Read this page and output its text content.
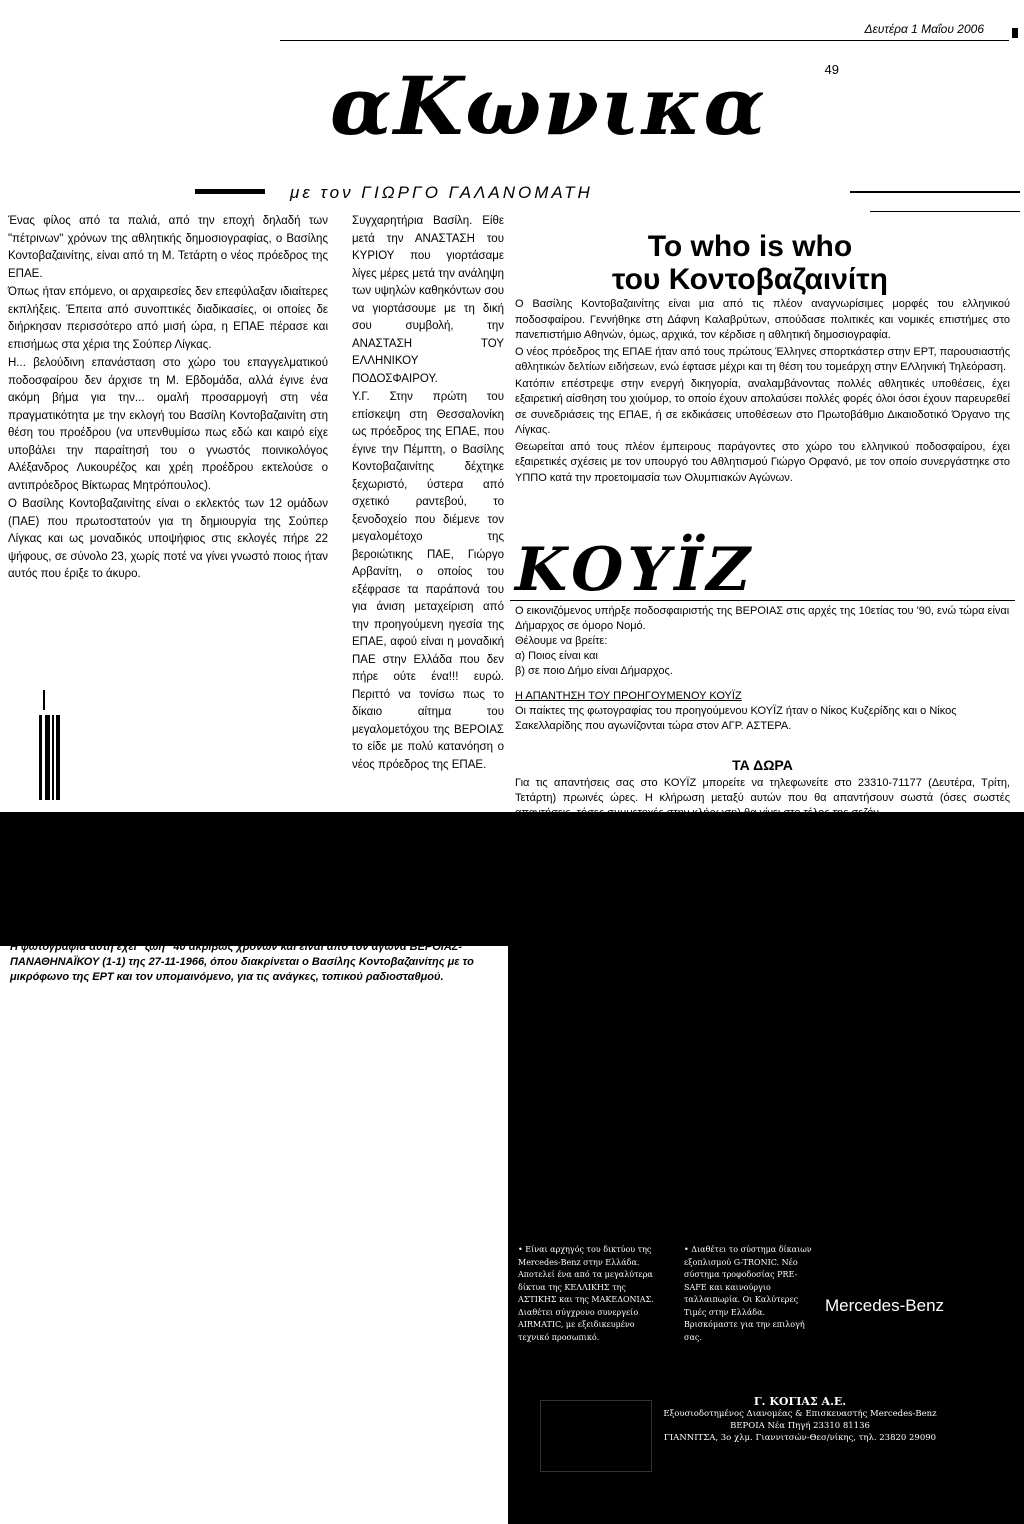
Δευτέρα 1 Μαΐου 2006
49
αΚωνικα
με τον ΓΙΩΡΓΟ ΓΑΛΑΝΟΜΑΤΗ

Ένας φίλος από τα παλιά, από την εποχή δηλαδή των "πέτρινων" χρόνων της αθλητικής δημοσιογραφίας, ο Βασίλης Κοντοβαζαινίτης, είναι από τη Μ. Τετάρτη ο νέος πρόεδρος της ΕΠΑΕ.

Όπως ήταν επόμενο, οι αρχαιρεσίες δεν επεφύλαξαν ιδιαίτερες εκπλήξεις. Έπειτα από συνοπτικές διαδικασίες, οι οποίες δε διήρκησαν περισσότερο από μισή ώρα, η ΕΠΑΕ πέρασε και επισήμως στα χέρια της Σούπερ Λίγκας.

Η... βελούδινη επανάσταση στο χώρο του επαγγελματικού ποδοσφαίρου δεν άρχισε τη Μ. Εβδομάδα, αλλά έγινε ένα ακόμη βήμα για την... ομαλή προσαρμογή στη νέα πραγματικότητα με την εκλογή του Βασίλη Κοντοβαζαινίτη στη θέση του προέδρου (να υπενθυμίσω πως εδώ και καιρό είχε υποβάλει την παραίτησή του ο γνωστός ποινικολόγος Αλέξανδρος Λυκουρέζος και χρέη προέδρου εκτελούσε ο αντιπρόεδρος Βίκτωρας Μητρόπουλος).

Ο Βασίλης Κοντοβαζαινίτης είναι ο εκλεκτός των 12 ομάδων (ΠΑΕ) που πρωτοστατούν για τη δημιουργία της Σούπερ Λίγκας και ως μοναδικός υποψήφιος στις εκλογές πήρε 22 ψήφους, σε σύνολο 23, χωρίς ποτέ να γίνει γνωστό ποιος ήταν αυτός που έριξε το άκυρο.

Συγχαρητήρια Βασίλη. Είθε μετά την ΑΝΑΣΤΑΣΗ του ΚΥΡΙΟΥ που γιορτάσαμε λίγες μέρες μετά την ανάληψη των υψηλών καθηκόντων σου να γιορτάσουμε με τη δική σου συμβολή, την ΑΝΑΣΤΑΣΗ ΤΟΥ ΕΛΛΗΝΙΚΟΥ ΠΟΔΟΣΦΑΙΡΟΥ.

Υ.Γ. Στην πρώτη του επίσκεψη στη Θεσσαλονίκη ως πρόεδρος της ΕΠΑΕ, που έγινε την Πέμπτη, ο Βασίλης Κοντοβαζαινίτης δέχτηκε ξεχωριστό, ύστερα από σχετικό ραντεβού, το ξενοδοχείο που διέμενε τον μεγαλομέτοχο της βεροιώτικης ΠΑΕ, Γιώργο Αρβανίτη, ο οποίος του εξέφρασε τα παράπονά του για άνιση μεταχείριση από την προηγούμενη ηγεσία της ΕΠΑΕ, αφού είναι η μοναδική ΠΑΕ στην Ελλάδα που δεν πήρε ούτε ένα!!! ευρώ. Περιττό να τονίσω πως το δίκαιο αίτημα του μεγαλομετόχου της ΒΕΡΟΙΑΣ το είδε με πολύ κατανόηση ο νέος πρόεδρος της ΕΠΑΕ.

Το who is who
του Κοντοβαζαινίτη

Ο Βασίλης Κοντοβαζαινίτης είναι μια από τις πλέον αναγνωρίσιμες μορφές του ελληνικού ποδοσφαίρου. Γεννήθηκε στη Δάφνη Καλαβρύτων, σπούδασε πολιτικές και νομικές επιστήμες στο πανεπιστήμιο Αθηνών, όμως, αρχικά, τον κέρδισε η αθλητική δημοσιογραφία.

Ο νέος πρόεδρος της ΕΠΑΕ ήταν από τους πρώτους Έλληνες σπορτκάστερ στην ΕΡΤ, παρουσιαστής αθλητικών δελτίων ειδήσεων, ενώ έφτασε μέχρι και τη θέση του τομεάρχη στην ΕΛληνική Τηλεόραση.

Κατόπιν επέστρεψε στην ενεργή δικηγορία, αναλαμβάνοντας πολλές αθλητικές υποθέσεις, έχει εξαιρετική αίσθηση του χιούμορ, το οποίο έχουν απολαύσει πολλές φορές όλοι όσοι έχουν παρευρεθεί σε συνεδριάσεις της ΕΠΑΕ, ή σε εκδικάσεις υποθέσεων στο Πρωτοβάθμιο Δικαιοδοτικό Όργανο της Λίγκας.

Θεωρείται από τους πλέον έμπειρους παράγοντες στο χώρο του ελληνικού ποδοσφαίρου, έχει εξαιρετικές σχέσεις με τον υπουργό του Αθλητισμού Γιώργο Ορφανό, με τον οποίο συνεργάστηκε στο ΥΠΠΟ κατά την προετοιμασία των Ολυμπιακών Αγώνων.

ΚΟΥΪΖ

Ο εικονιζόμενος υπήρξε ποδοσφαιριστής της ΒΕΡΟΙΑΣ στις αρχές της 10ετίας του '90, ενώ τώρα είναι Δήμαρχος σε όμορο Νομό.

Θέλουμε να βρείτε:

α) Ποιος είναι και

β) σε ποιο Δήμο είναι Δήμαρχος.

Η ΑΠΑΝΤΗΣΗ ΤΟΥ ΠΡΟΗΓΟΥΜΕΝΟΥ ΚΟΥΪΖ

Οι παίκτες της φωτογραφίας του προηγούμενου ΚΟΥΪΖ ήταν ο Νίκος Κυζερίδης και ο Νίκος Σακελλαρίδης που αγωνίζονται τώρα στον ΑΓΡ. ΑΣΤΕΡΑ.

ΤΑ ΔΩΡΑ

Για τις απαντήσεις σας στο ΚΟΥΪΖ μπορείτε να τηλεφωνείτε στο 23310-71177 (Δευτέρα, Τρίτη, Τετάρτη) πρωινές ώρες. Η κλήρωση μεταξύ αυτών που θα απαντήσουν σωστά (όσες σωστές

Η φωτογραφία αυτή έχει "ζωή" 40 ακριβώς χρόνων και είναι από τον αγώνα ΒΕΡΟΙΑΣ-ΠΑΝΑΘΗΝΑΪΚΟΥ (1-1) της 27-11-1966, όπου διακρίνεται ο Βασίλης Κοντοβαζαινίτης με το μικρόφωνο της ΕΡΤ και τον υπομαινόμενο, για τις ανάγκες, τοπικού ραδιοσταθμού.
• Είναι αρχηγός του δικτύου της Mercedes-Benz στην Ελλάδα. Αποτελεί ένα από τα μεγαλύτερα δίκτυα της ΚΕΛΛΙΚΗΣ της ΑΣΤΙΚΗΣ και της ΜΑΚΕΔΟΝΙΑΣ. Διαθέτει σύγχρονο συνεργείο AIRMATIC, με εξειδικευμένο τεχνικό προσωπικό.
• Διαθέτει το σύστημα δίκαιων εξοπλισμού G-TRONIC. Νέο σύστημα τροφοδοσίας PRE-SAFE και καινούργιο ταλλαιπωρία. Οι Καλύτερες Τιμές στην Ελλάδα. Βρισκόμαστε για την επιλογή σας.
Mercedes-Benz
Γ. ΚΟΓΙΑΣ Α.Ε.
Εξουσιοδοτημένος Διανομέας & Επισκευαστής Mercedes-Benz
ΒΕΡΟΙΑ Νέα Πηγή 23310 81136
ΓΙΑΝΝΙΤΣΑ, 3ο χλμ. Γιαννιτσών-Θεσ/νίκης, τηλ. 23820 29090
